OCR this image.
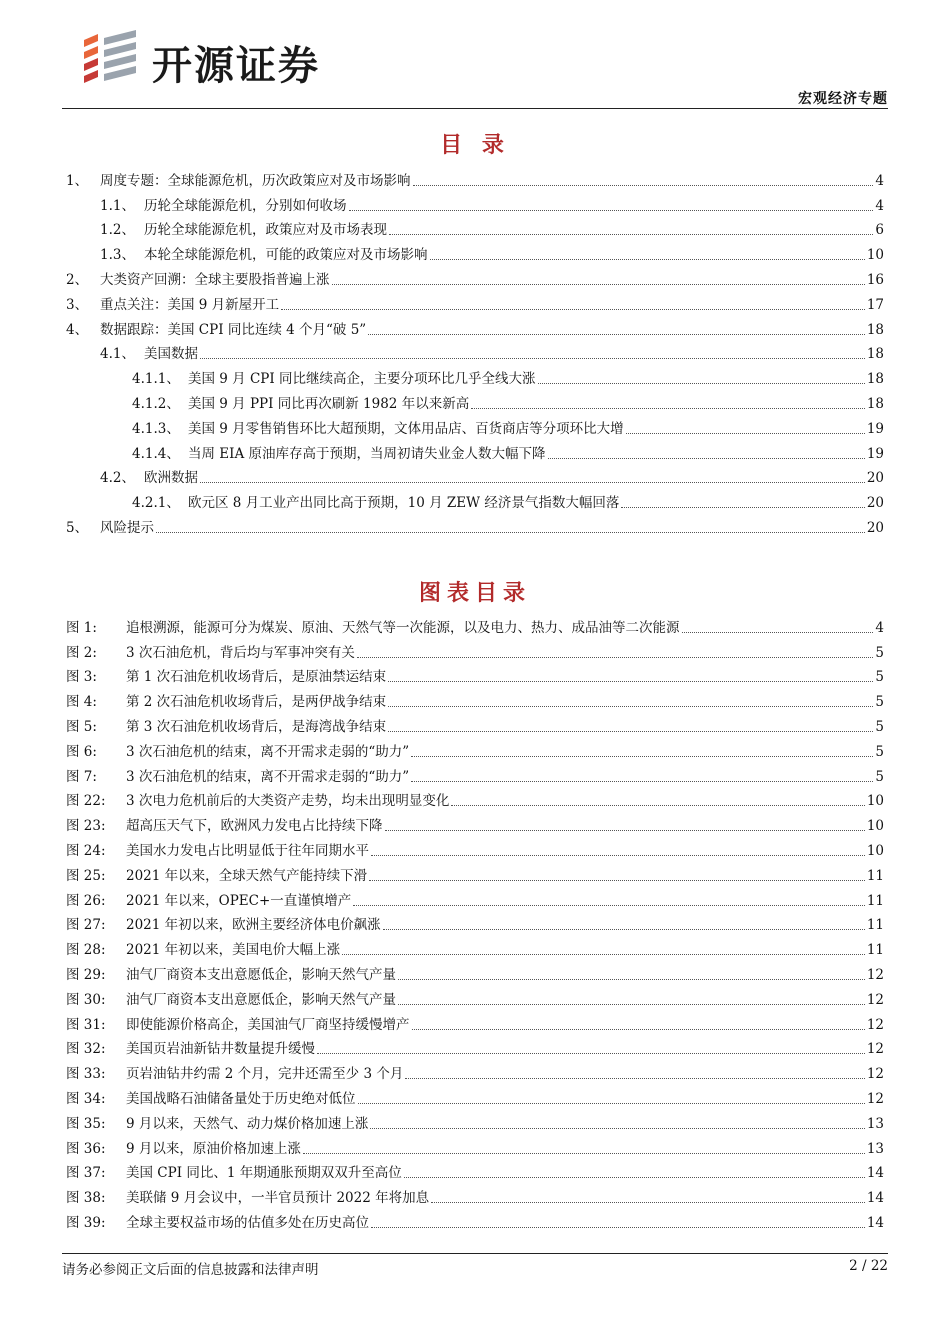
开源证券
宏观经济专题
目 录
1、 周度专题：全球能源危机，历次政策应对及市场影响	4
1.1、 历轮全球能源危机，分别如何收场	4
1.2、 历轮全球能源危机，政策应对及市场表现	6
1.3、 本轮全球能源危机，可能的政策应对及市场影响	10
2、 大类资产回溯：全球主要股指普遍上涨	16
3、 重点关注：美国 9 月新屋开工	17
4、 数据跟踪：美国 CPI 同比连续 4 个月“破 5”	18
4.1、 美国数据	18
4.1.1、 美国 9 月 CPI 同比继续高企，主要分项环比几乎全线大涨	18
4.1.2、 美国 9 月 PPI 同比再次刷新 1982 年以来新高	18
4.1.3、 美国 9 月零售销售环比大超预期，文体用品店、百货商店等分项环比大增	19
4.1.4、 当周 EIA 原油库存高于预期，当周初请失业金人数大幅下降	19
4.2、 欧洲数据	20
4.2.1、 欧元区 8 月工业产出同比高于预期，10 月 ZEW 经济景气指数大幅回落	20
5、 风险提示	20
图表目录
图 1:	追根溯源，能源可分为煤炭、原油、天然气等一次能源，以及电力、热力、成品油等二次能源	4
图 2:	3 次石油危机，背后均与军事冲突有关	5
图 3:	第 1 次石油危机收场背后，是原油禁运结束	5
图 4:	第 2 次石油危机收场背后，是两伊战争结束	5
图 5:	第 3 次石油危机收场背后，是海湾战争结束	5
图 6:	3 次石油危机的结束，离不开需求走弱的“助力”	5
图 7:	3 次石油危机的结束，离不开需求走弱的“助力”	5
图 22:	3 次电力危机前后的大类资产走势，均未出现明显变化	10
图 23:	超高压天气下，欧洲风力发电占比持续下降	10
图 24:	美国水力发电占比明显低于往年同期水平	10
图 25:	2021 年以来，全球天然气产能持续下滑	11
图 26:	2021 年以来，OPEC+一直谨慎增产	11
图 27:	2021 年初以来，欧洲主要经济体电价飙涨	11
图 28:	2021 年初以来，美国电价大幅上涨	11
图 29:	油气厂商资本支出意愿低企，影响天然气产量	12
图 30:	油气厂商资本支出意愿低企，影响天然气产量	12
图 31:	即使能源价格高企，美国油气厂商坚持缓慢增产	12
图 32:	美国页岩油新钻井数量提升缓慢	12
图 33:	页岩油钻井约需 2 个月，完井还需至少 3 个月	12
图 34:	美国战略石油储备量处于历史绝对低位	12
图 35:	9 月以来，天然气、动力煤价格加速上涨	13
图 36:	9 月以来，原油价格加速上涨	13
图 37:	美国 CPI 同比、1 年期通胀预期双双升至高位	14
图 38:	美联储 9 月会议中，一半官员预计 2022 年将加息	14
图 39:	全球主要权益市场的估值多处在历史高位	14
请务必参阅正文后面的信息披露和法律声明	2 / 22
